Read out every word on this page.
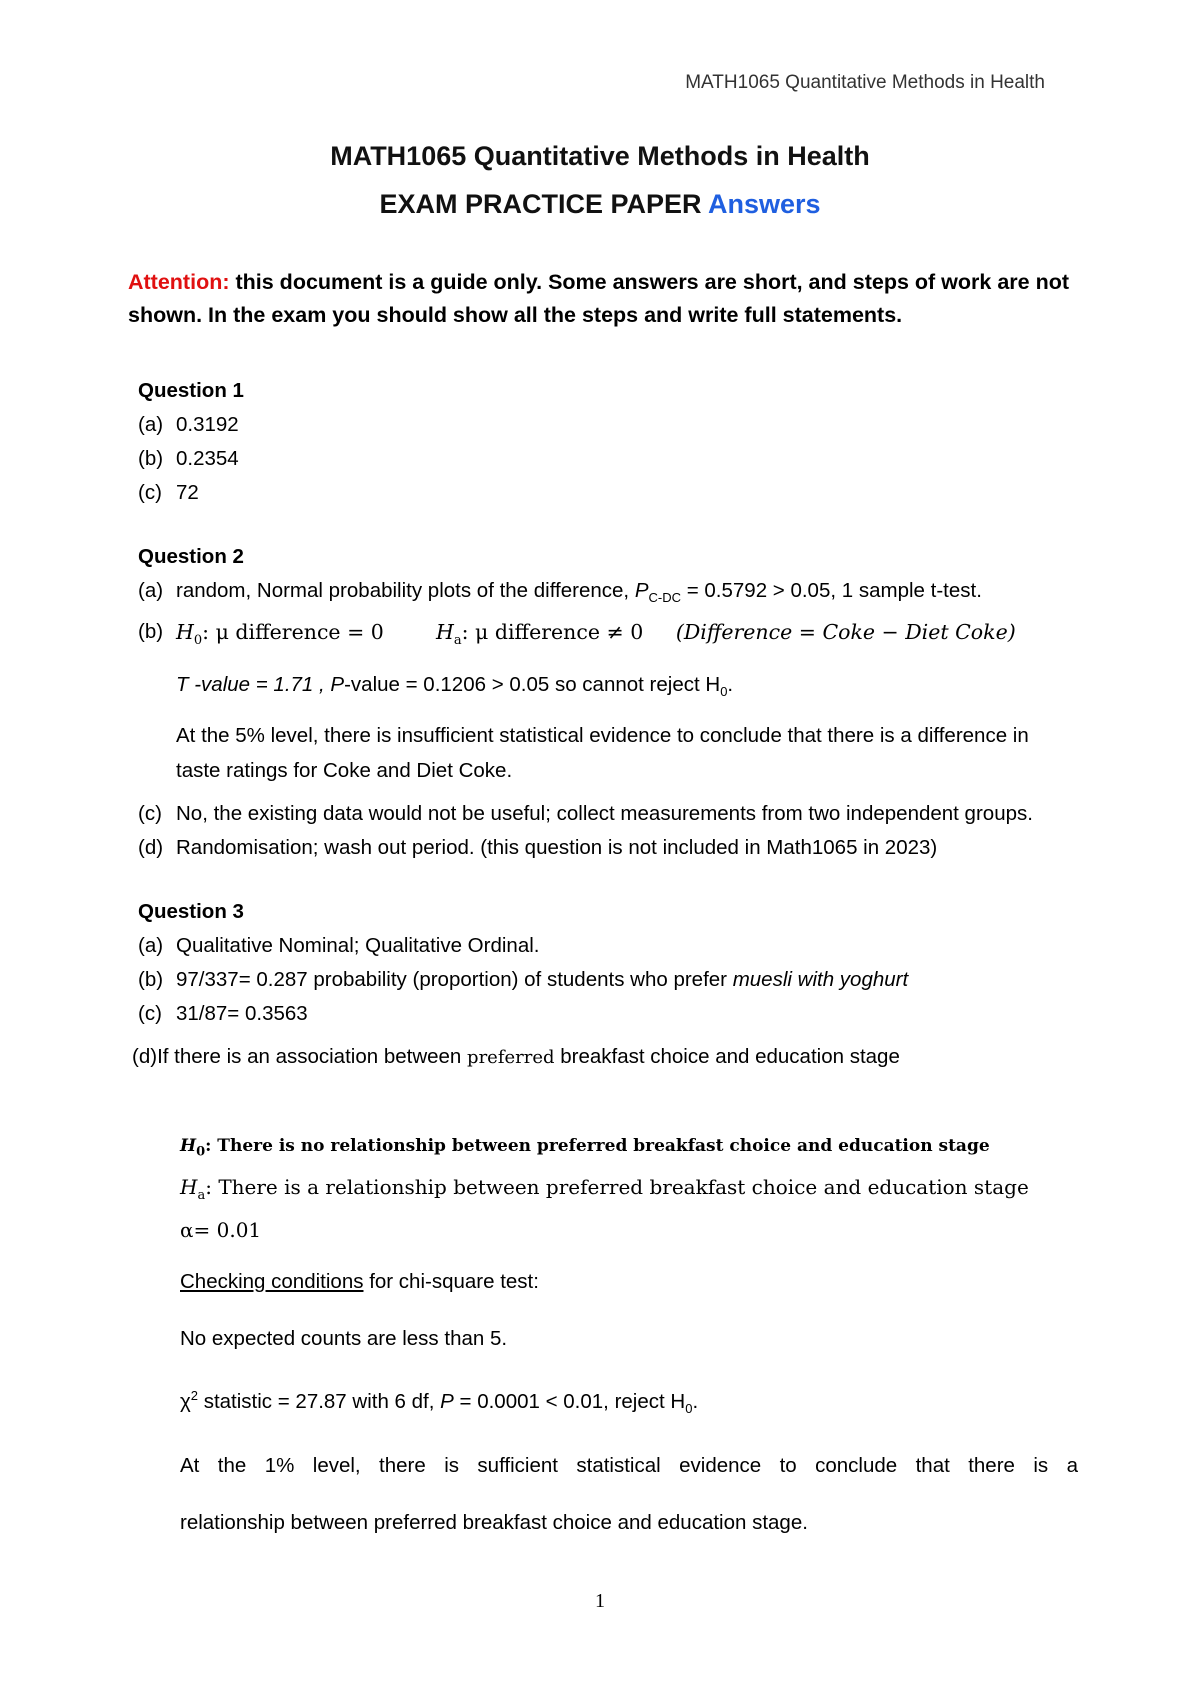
MATH1065 Quantitative Methods in Health
MATH1065 Quantitative Methods in Health
EXAM PRACTICE PAPER Answers
Attention: this document is a guide only. Some answers are short, and steps of work are not shown. In the exam you should show all the steps and write full statements.
Question 1
(a) 0.3192
(b) 0.2354
(c) 72
Question 2
(a) random, Normal probability plots of the difference, $P_{C-DC} = 0.5792 > 0.05$, 1 sample t-test.
(b) $H_0$: μ difference = 0	$H_a$: μ difference ≠ 0 (Difference = Coke − Diet Coke)
T -value = 1.71 , P-value = 0.1206 > 0.05 so cannot reject $H_0$.
At the 5% level, there is insufficient statistical evidence to conclude that there is a difference in taste ratings for Coke and Diet Coke.
(c) No, the existing data would not be useful; collect measurements from two independent groups.
(d) Randomisation; wash out period. (this question is not included in Math1065 in 2023)
Question 3
(a) Qualitative Nominal; Qualitative Ordinal.
(b) 97/337= 0.287 probability (proportion) of students who prefer muesli with yoghurt
(c) 31/87= 0.3563
(d)If there is an association between preferred breakfast choice and education stage
$H_0$: There is no relationship between preferred breakfast choice and education stage
$H_a$: There is a relationship between preferred breakfast choice and education stage
α= 0.01
Checking conditions for chi-square test:
No expected counts are less than 5.
$\chi^2$ statistic = 27.87 with 6 df, P = 0.0001 < 0.01, reject $H_0$.
At the 1% level, there is sufficient statistical evidence to conclude that there is a
relationship between preferred breakfast choice and education stage.
1
